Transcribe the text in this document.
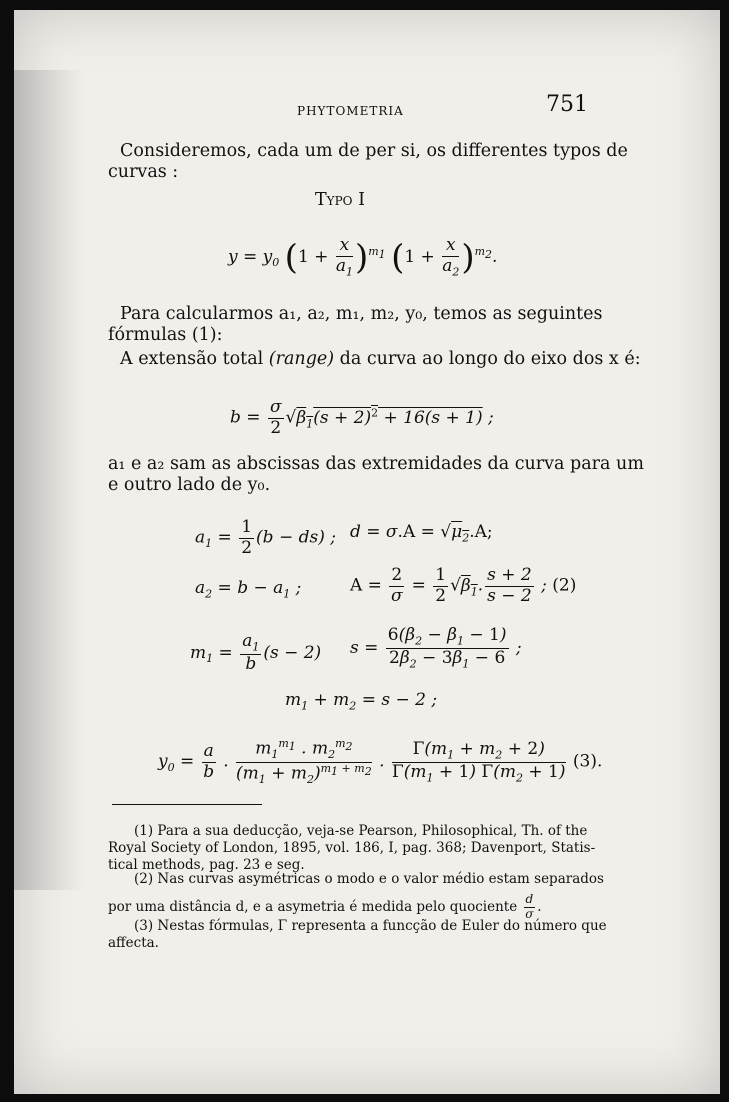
PHYTOMETRIA	751
Consideremos, cada um de per si, os differentes typos de
curvas :
Typo I
$y = y_0$ $(1 + \frac{x}{a_1} )^{m_1}$ $(1 + \frac{x}{a_2} )^{m_2}$.
Para calcularmos a₁, a₂, m₁, m₂, y₀, temos as seguintes
fórmulas (1):
A extensão total (range) da curva ao longo do eixo dos x é:
$b = \frac{\sigma}{2} √\beta_1(s + 2)^2 + 16(s + 1)$ ;
a₁ e a₂ sam as abscissas das extremidades da curva para um
e outro lado de y₀.
$a_1 = \frac{1}{2} (b - ds)$ ; $d = \sigma.A = √\mu_2.A$;
$a_2 = b - a_1$ ;	$A = \frac{2}{\sigma} = \frac{1}{2} √\beta_1$. $\frac{s + 2}{s - 2}$ ; (2)
$m_1 = \frac{a_1}{b} (s - 2) s = \frac{6(\beta_2 - \beta_1 - 1)}{2\beta_2 - 3\beta_1 - 6}$ ;
$m_1 + m_2 = s - 2$ ;
$y_0 = \frac{a}{b}$ . $\frac{m_1^{m_1} . m_2^{m_2}}{(m_1 + m_2)^{m_1 + m_2}}$ . $\frac{\Gamma(m_1 + m_2 + 2)}{\Gamma(m_1 + 1) \Gamma(m_2 + 1)} (3)$.
(1) Para a sua deducção, veja-se Pearson, Philosophical, Th. of the
Royal Society of London, 1895, vol. 186, I, pag. 368; Davenport, Statis-
tical methods, pag. 23 e seg.
(2) Nas curvas asymétricas o modo e o valor médio estam separados
por uma distância d, e a asymetria é medida pelo quociente $\frac{d}{\sigma}$ .
(3) Nestas fórmulas, Γ representa a funcção de Euler do número que
affecta.
